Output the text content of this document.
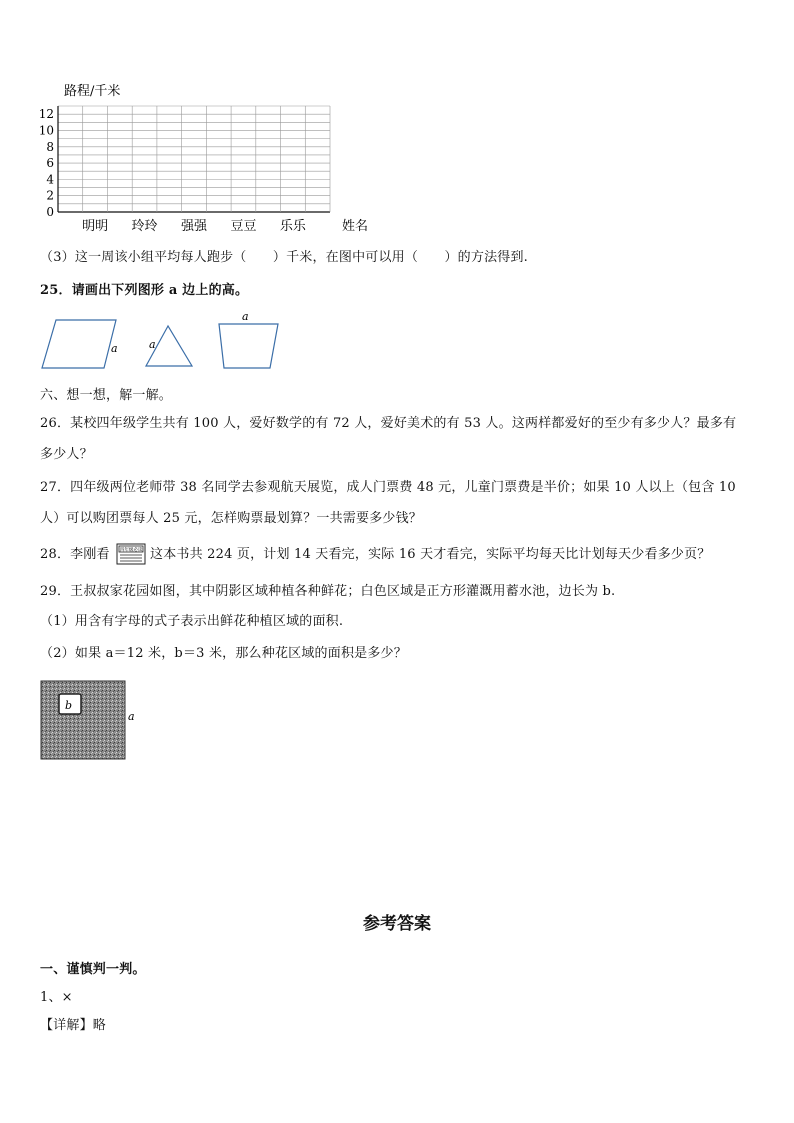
0
2
4
6
8
10
12
明明 玲玲 强强 豆豆 乐乐
路程/千米
姓名
（3）这一周该小组平均每人跑步（　　）千米，在图中可以用（　　）的方法得到.
25．请画出下列图形 a 边上的高。
a	a
a
六、想一想，解一解。
26．某校四年级学生共有 100 人，爱好数学的有 72 人，爱好美术的有 53 人。这两样都爱好的至少有多少人？最多有
多少人？
27．四年级两位老师带 38 名同学去参观航天展览，成人门票费 48 元，儿童门票费是半价；如果 10 人以上（包含 10
人）可以购团票每人 25 元，怎样购票最划算？一共需要多少钱？
28．李刚看 四年级必读 这本书共 224 页，计划 14 天看完，实际 16 天才看完，实际平均每天比计划每天少看多少页？
29．王叔叔家花园如图，其中阴影区域种植各种鲜花；白色区域是正方形灌溉用蓄水池，边长为 b.
（1）用含有字母的式子表示出鲜花种植区域的面积.
（2）如果 a＝12 米，b＝3 米，那么种花区域的面积是多少？
b
a
参考答案
一、谨慎判一判。
1、×
【详解】略
